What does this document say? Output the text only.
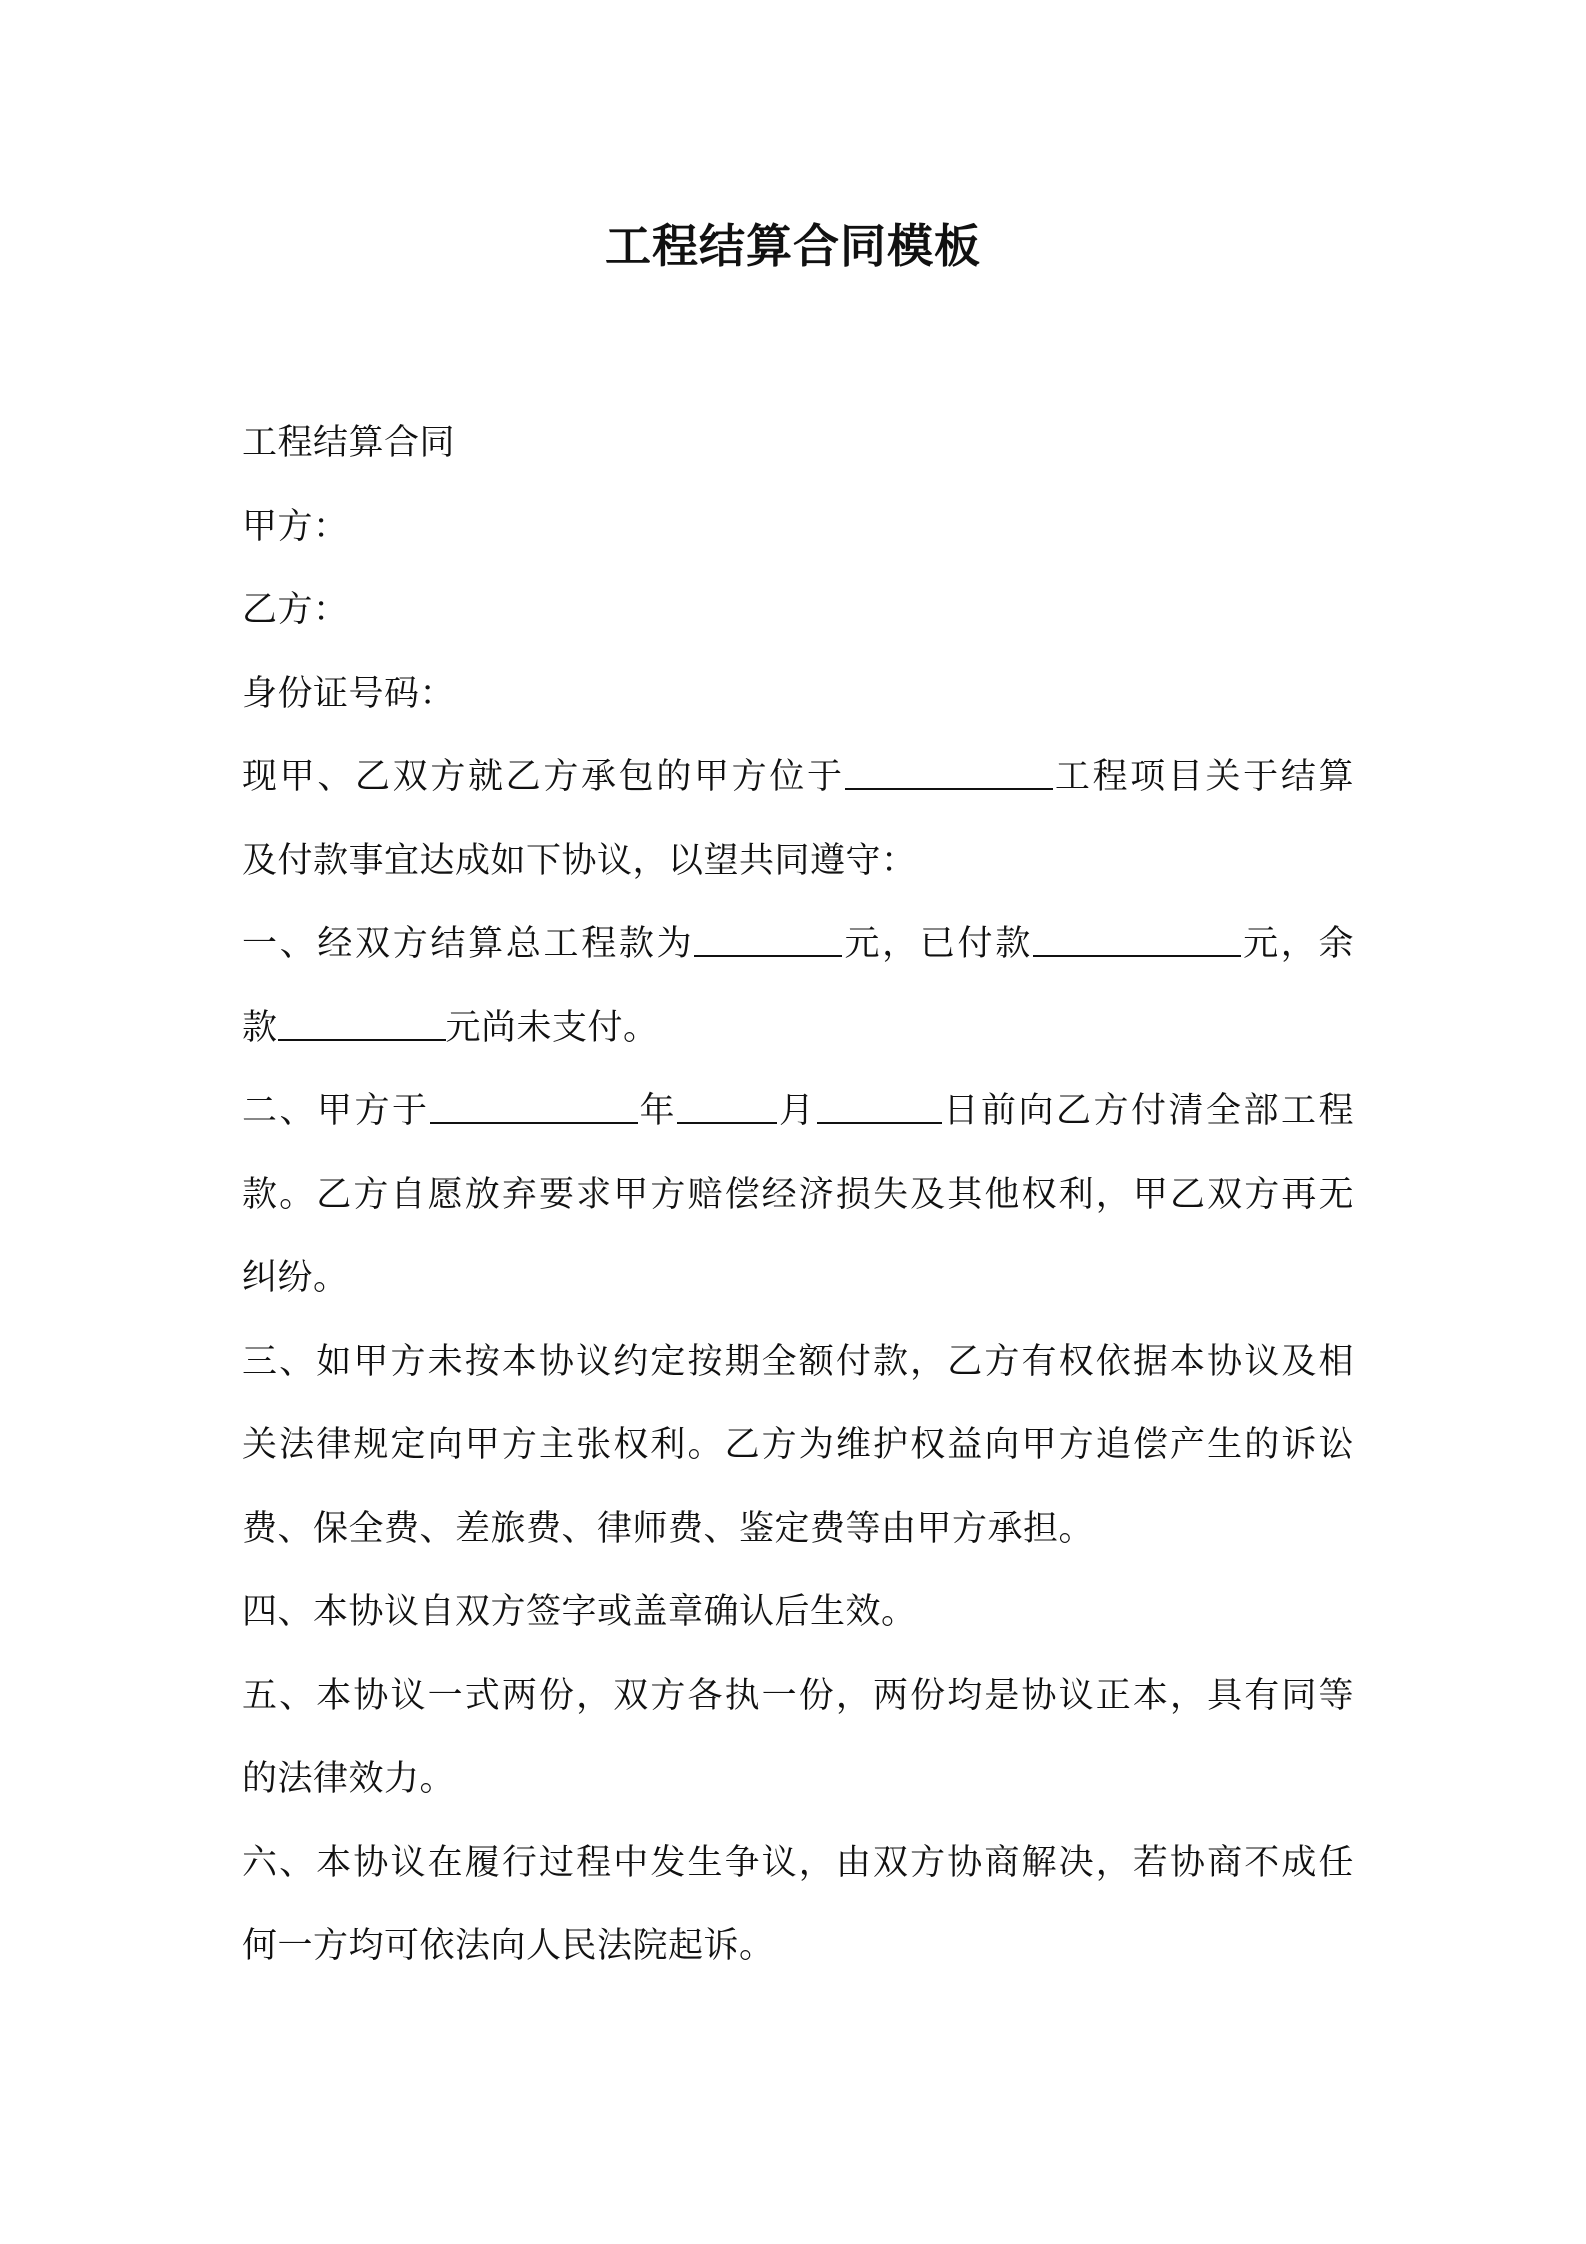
工程结算合同模板

工程结算合同

甲方：

乙方：

身份证号码：

现甲、乙双方就乙方承包的甲方位于	工程项目关于结算
及付款事宜达成如下协议，以望共同遵守：
一、经双方结算总工程款为	元，已付款	元，余
款	元尚未支付。
二、甲方于	年	月	日前向乙方付清全部工程
款。乙方自愿放弃要求甲方赔偿经济损失及其他权利，甲乙双方再无
纠纷。
三、如甲方未按本协议约定按期全额付款，乙方有权依据本协议及相
关法律规定向甲方主张权利。乙方为维护权益向甲方追偿产生的诉讼
费、保全费、差旅费、律师费、鉴定费等由甲方承担。
四、本协议自双方签字或盖章确认后生效。
五、本协议一式两份，双方各执一份，两份均是协议正本，具有同等
的法律效力。
六、本协议在履行过程中发生争议，由双方协商解决，若协商不成任
何一方均可依法向人民法院起诉。
